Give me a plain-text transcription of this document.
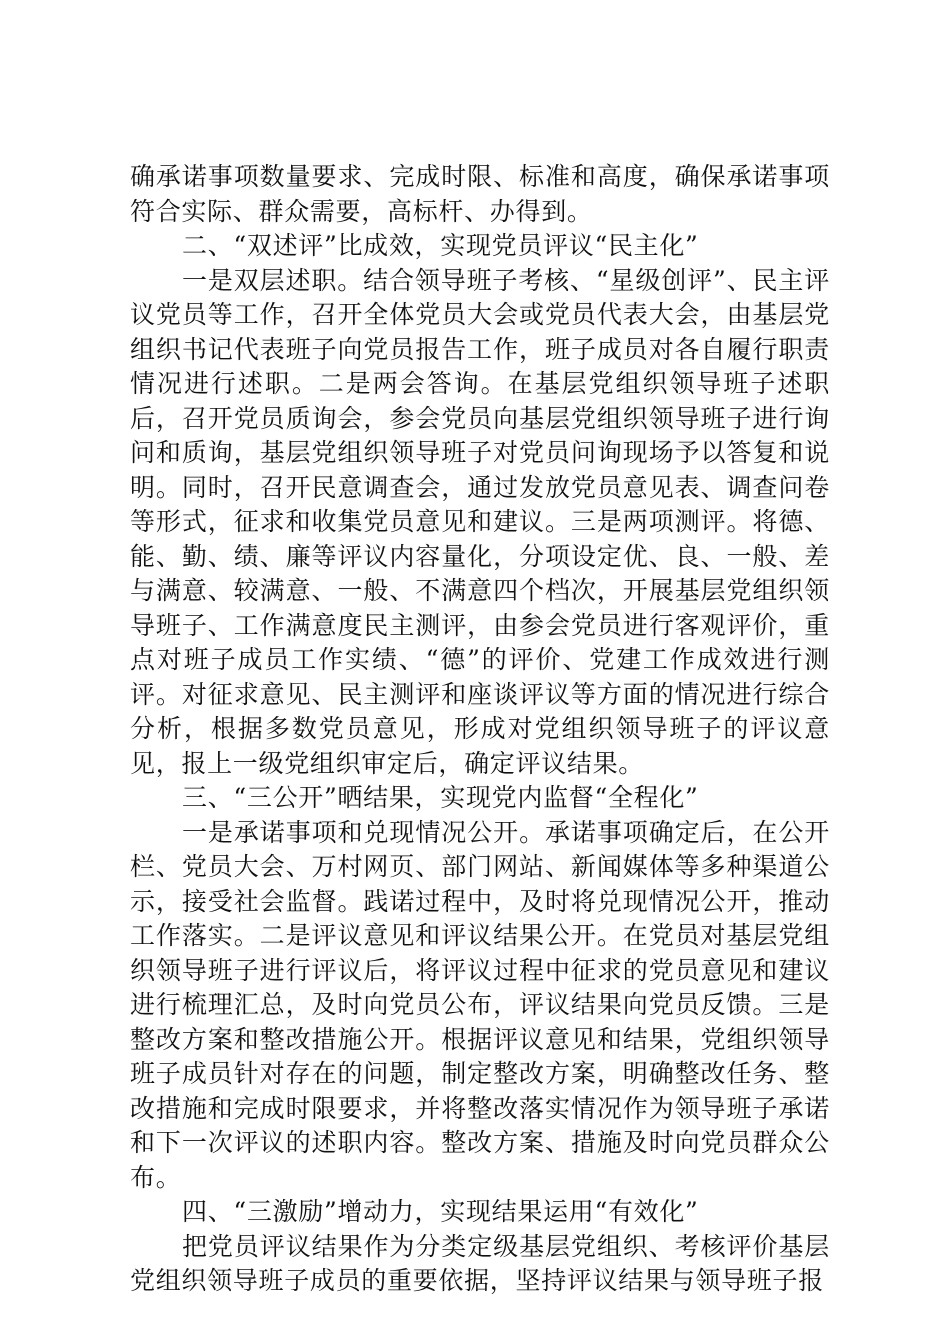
确承诺事项数量要求、完成时限、标准和高度，确保承诺事项符合实际、群众需要，高标杆、办得到。

二、“双述评”比成效，实现党员评议“民主化”

一是双层述职。结合领导班子考核、“星级创评”、民主评议党员等工作，召开全体党员大会或党员代表大会，由基层党组织书记代表班子向党员报告工作，班子成员对各自履行职责情况进行述职。二是两会答询。在基层党组织领导班子述职后，召开党员质询会，参会党员向基层党组织领导班子进行询问和质询，基层党组织领导班子对党员问询现场予以答复和说明。同时，召开民意调查会，通过发放党员意见表、调查问卷等形式，征求和收集党员意见和建议。三是两项测评。将德、能、勤、绩、廉等评议内容量化，分项设定优、良、一般、差与满意、较满意、一般、不满意四个档次，开展基层党组织领导班子、工作满意度民主测评，由参会党员进行客观评价，重点对班子成员工作实绩、“德”的评价、党建工作成效进行测评。对征求意见、民主测评和座谈评议等方面的情况进行综合分析，根据多数党员意见，形成对党组织领导班子的评议意见，报上一级党组织审定后，确定评议结果。

三、“三公开”晒结果，实现党内监督“全程化”

一是承诺事项和兑现情况公开。承诺事项确定后，在公开栏、党员大会、万村网页、部门网站、新闻媒体等多种渠道公示，接受社会监督。践诺过程中，及时将兑现情况公开，推动工作落实。二是评议意见和评议结果公开。在党员对基层党组织领导班子进行评议后，将评议过程中征求的党员意见和建议进行梳理汇总，及时向党员公布，评议结果向党员反馈。三是整改方案和整改措施公开。根据评议意见和结果，党组织领导班子成员针对存在的问题，制定整改方案，明确整改任务、整改措施和完成时限要求，并将整改落实情况作为领导班子承诺和下一次评议的述职内容。整改方案、措施及时向党员群众公布。

四、“三激励”增动力，实现结果运用“有效化”

把党员评议结果作为分类定级基层党组织、考核评价基层党组织领导班子成员的重要依据，坚持评议结果与领导班子报
